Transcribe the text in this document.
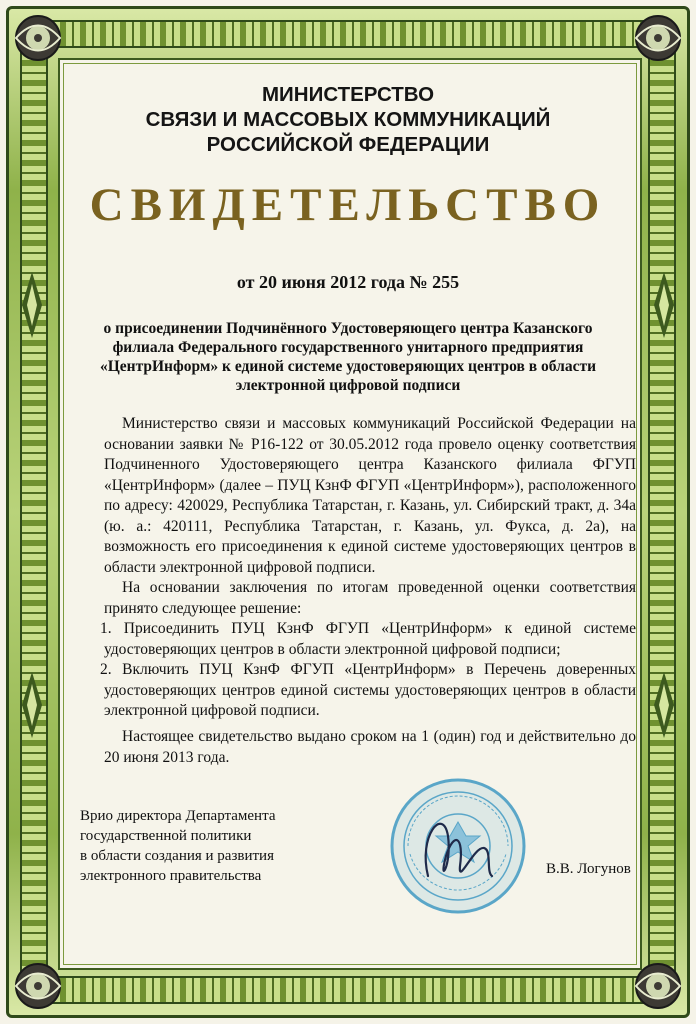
МИНИСТЕРСТВО
СВЯЗИ И МАССОВЫХ КОММУНИКАЦИЙ
РОССИЙСКОЙ ФЕДЕРАЦИИ
СВИДЕТЕЛЬСТВО
от 20 июня 2012 года № 255
о присоединении Подчинённого Удостоверяющего центра Казанского
филиала Федерального государственного унитарного предприятия
«ЦентрИнформ» к единой системе удостоверяющих центров в области
электронной цифровой подписи

Министерство связи и массовых коммуникаций Российской Федерации на основании заявки № Р16-122 от 30.05.2012 года провело оценку соответствия Подчиненного Удостоверяющего центра Казанского филиала ФГУП «ЦентрИнформ» (далее – ПУЦ КзнФ ФГУП «ЦентрИнформ»), расположенного по адресу: 420029, Республика Татарстан, г. Казань, ул. Сибирский тракт, д. 34а (ю. а.: 420111, Республика Татарстан, г. Казань, ул. Фукса, д. 2а), на возможность его присоединения к единой системе удостоверяющих центров в области электронной цифровой подписи.

На основании заключения по итогам проведенной оценки соответствия принято следующее решение:

1. Присоединить ПУЦ КзнФ ФГУП «ЦентрИнформ» к единой системе удостоверяющих центров в области электронной цифровой подписи;

2. Включить ПУЦ КзнФ ФГУП «ЦентрИнформ» в Перечень доверенных удостоверяющих центров единой системы удостоверяющих центров в области электронной цифровой подписи.

Настоящее свидетельство выдано сроком на 1 (один) год и действительно до 20 июня 2013 года.
Врио директора Департамента
государственной политики
в области создания и развития
электронного правительства	В.В. Логунов
